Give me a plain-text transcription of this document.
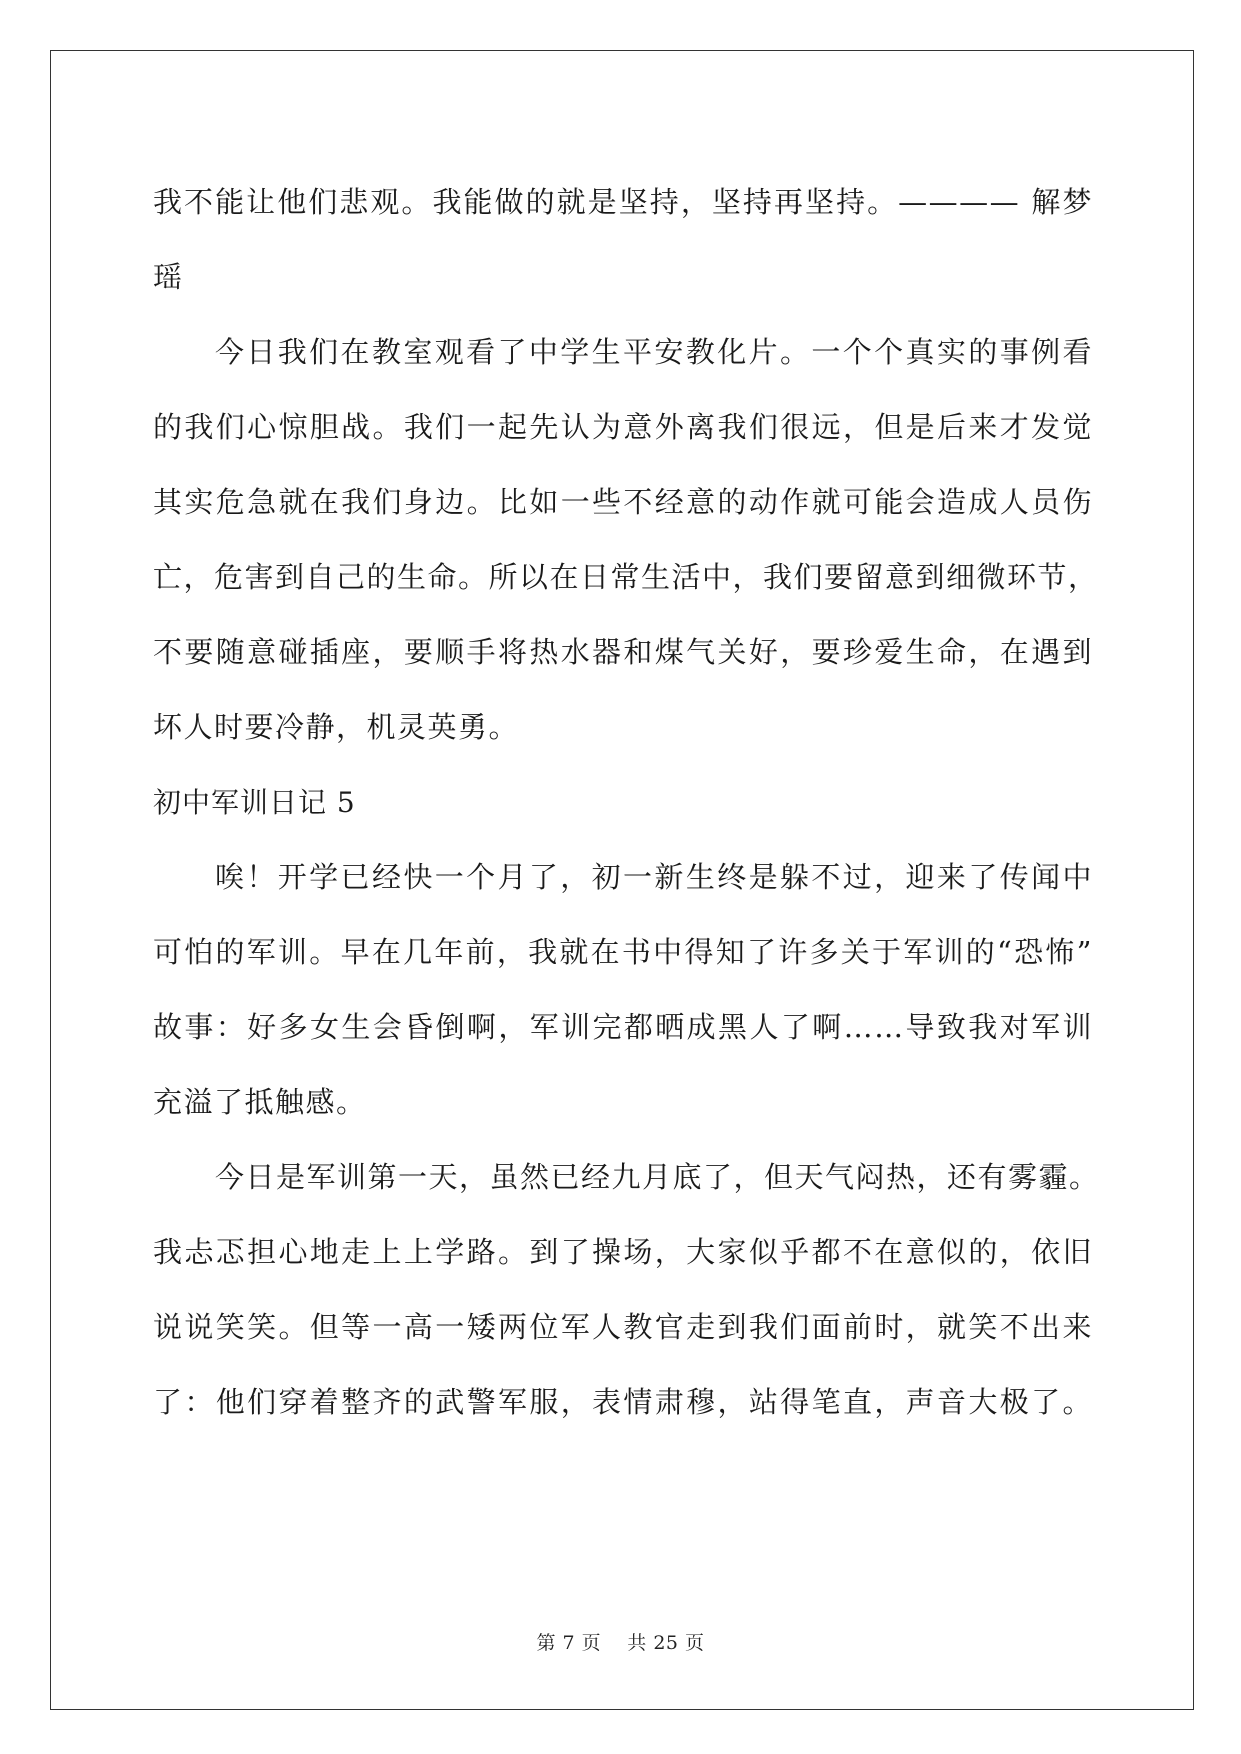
我不能让他们悲观。我能做的就是坚持，坚持再坚持。———— 解梦
瑶
今日我们在教室观看了中学生平安教化片。一个个真实的事例看
的我们心惊胆战。我们一起先认为意外离我们很远，但是后来才发觉
其实危急就在我们身边。比如一些不经意的动作就可能会造成人员伤
亡，危害到自己的生命。所以在日常生活中，我们要留意到细微环节，
不要随意碰插座，要顺手将热水器和煤气关好，要珍爱生命，在遇到
坏人时要冷静，机灵英勇。
初中军训日记 5
唉！开学已经快一个月了，初一新生终是躲不过，迎来了传闻中
可怕的军训。早在几年前，我就在书中得知了许多关于军训的“恐怖”
故事：好多女生会昏倒啊，军训完都晒成黑人了啊……导致我对军训
充溢了抵触感。
今日是军训第一天，虽然已经九月底了，但天气闷热，还有雾霾。
我忐忑担心地走上上学路。到了操场，大家似乎都不在意似的，依旧
说说笑笑。但等一高一矮两位军人教官走到我们面前时，就笑不出来
了：他们穿着整齐的武警军服，表情肃穆，站得笔直，声音大极了。
第 7 页    共 25 页
